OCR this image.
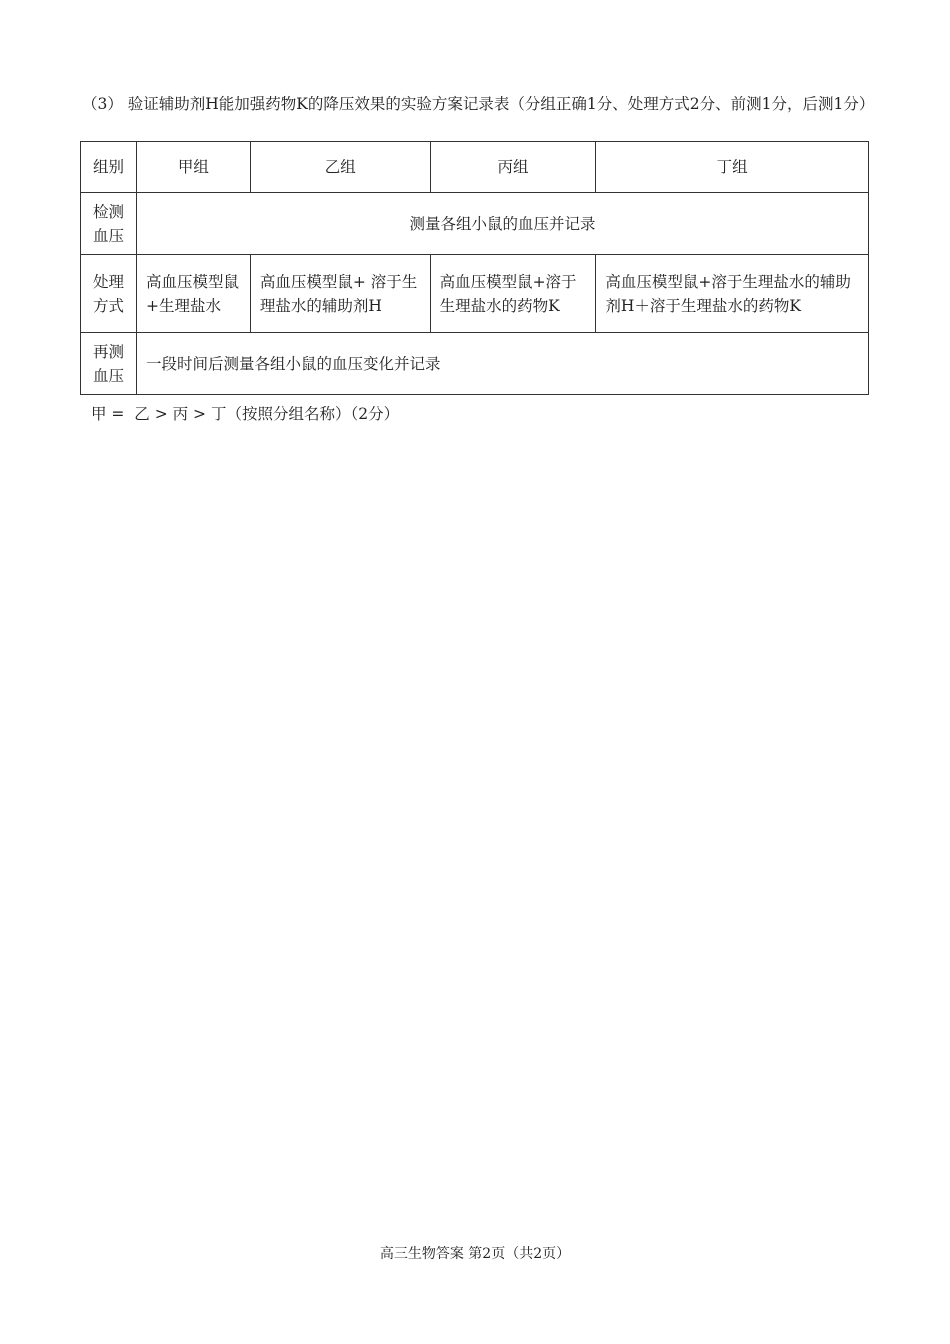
（3） 验证辅助剂H能加强药物K的降压效果的实验方案记录表（分组正确1分、处理方式2分、前测1分，后测1分）

组别	甲组	乙组	丙组	丁组

检测
血压	测量各组小鼠的血压并记录			

处理
方式	高血压模型鼠+生理盐水	高血压模型鼠+ 溶于生理盐水的辅助剂H	高血压模型鼠+溶于生理盐水的药物K	高血压模型鼠+溶于生理盐水的辅助剂H＋溶于生理盐水的药物K

再测
血压	一段时间后测量各组小鼠的血压变化并记录			

甲 =  乙 > 丙 > 丁（按照分组名称）（2分）

高三生物答案 第2页（共2页）
